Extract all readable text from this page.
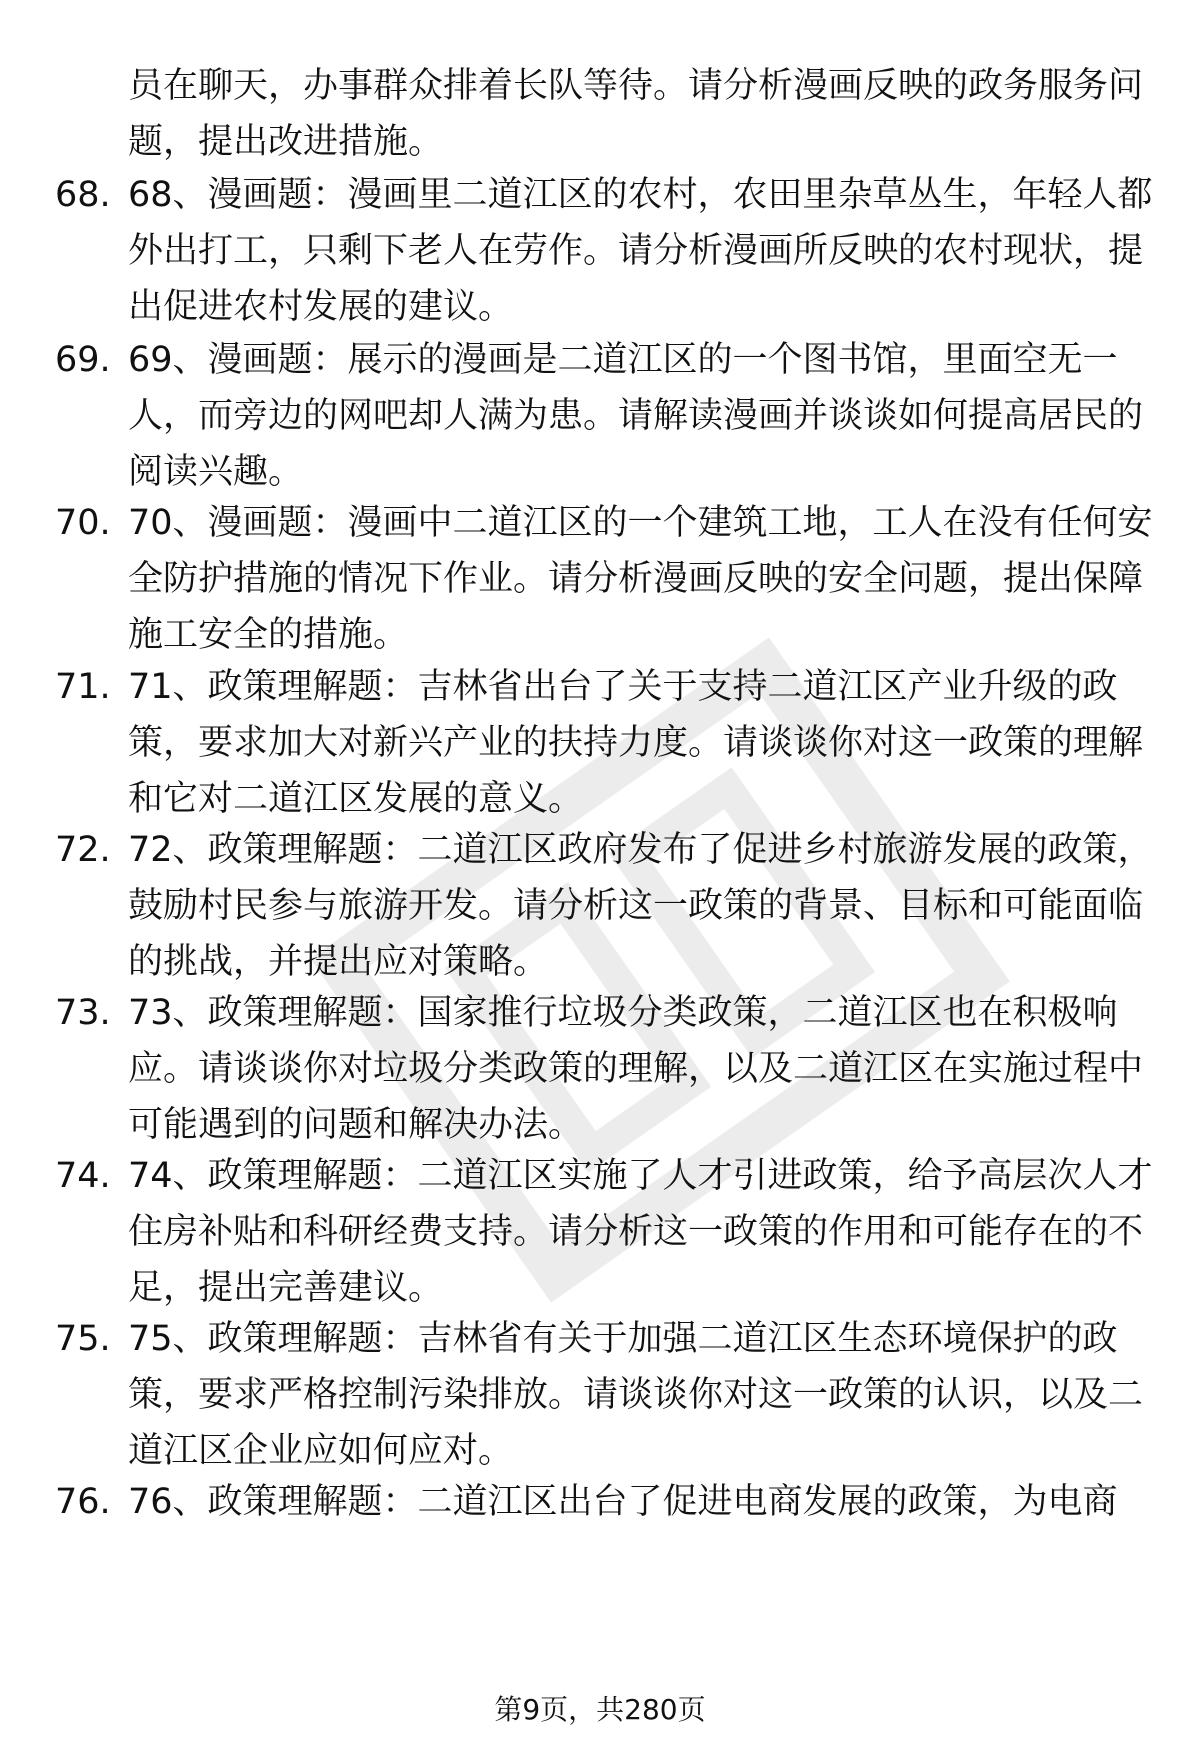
员在聊天，办事群众排着长队等待。请分析漫画反映的政务服务问题，提出改进措施。
68. 68、漫画题：漫画里二道江区的农村，农田里杂草丛生，年轻人都外出打工，只剩下老人在劳作。请分析漫画所反映的农村现状，提出促进农村发展的建议。
69. 69、漫画题：展示的漫画是二道江区的一个图书馆，里面空无一人，而旁边的网吧却人满为患。请解读漫画并谈谈如何提高居民的阅读兴趣。
70. 70、漫画题：漫画中二道江区的一个建筑工地，工人在没有任何安全防护措施的情况下作业。请分析漫画反映的安全问题，提出保障施工安全的措施。
71. 71、政策理解题：吉林省出台了关于支持二道江区产业升级的政策，要求加大对新兴产业的扶持力度。请谈谈你对这一政策的理解和它对二道江区发展的意义。
72. 72、政策理解题：二道江区政府发布了促进乡村旅游发展的政策，鼓励村民参与旅游开发。请分析这一政策的背景、目标和可能面临的挑战，并提出应对策略。
73. 73、政策理解题：国家推行垃圾分类政策，二道江区也在积极响应。请谈谈你对垃圾分类政策的理解，以及二道江区在实施过程中可能遇到的问题和解决办法。
74. 74、政策理解题：二道江区实施了人才引进政策，给予高层次人才住房补贴和科研经费支持。请分析这一政策的作用和可能存在的不足，提出完善建议。
75. 75、政策理解题：吉林省有关于加强二道江区生态环境保护的政策，要求严格控制污染排放。请谈谈你对这一政策的认识，以及二道江区企业应如何应对。
76. 76、政策理解题：二道江区出台了促进电商发展的政策，为电商
第9页，共280页
